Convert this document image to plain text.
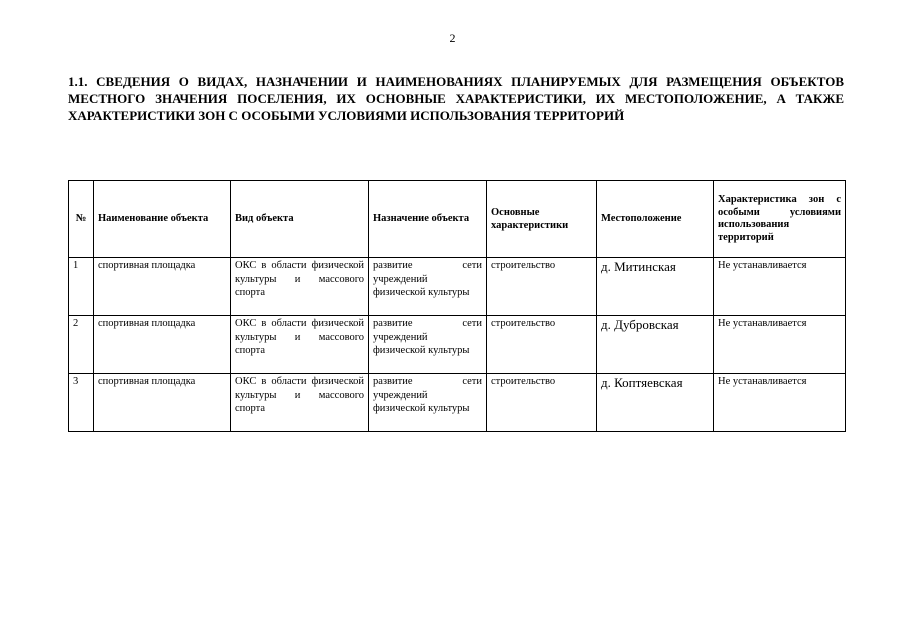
2

1.1. СВЕДЕНИЯ О ВИДАХ, НАЗНАЧЕНИИ И НАИМЕНОВАНИЯХ ПЛАНИРУЕМЫХ ДЛЯ РАЗМЕЩЕНИЯ ОБЪЕКТОВ МЕСТНОГО ЗНАЧЕНИЯ ПОСЕЛЕНИЯ, ИХ ОСНОВНЫЕ ХАРАКТЕРИСТИКИ, ИХ МЕСТОПОЛОЖЕНИЕ, А ТАКЖЕ ХАРАКТЕРИСТИКИ ЗОН С ОСОБЫМИ УСЛОВИЯМИ ИСПОЛЬЗОВАНИЯ ТЕРРИТОРИЙ

№	Наименование объекта	Вид объекта	Назначение объекта	Основные характеристики	Местоположение	Характеристика зон с особыми условиями использования территорий

1	спортивная площадка	ОКС в области физической культуры и массового спорта	развитие сети учреждений физической культуры	строительство	д. Митинская	Не устанавливается
2	спортивная площадка	ОКС в области физической культуры и массового спорта	развитие сети учреждений физической культуры	строительство	д. Дубровская	Не устанавливается
3	спортивная площадка	ОКС в области физической культуры и массового спорта	развитие сети учреждений физической культуры	строительство	д. Коптяевская	Не устанавливается
